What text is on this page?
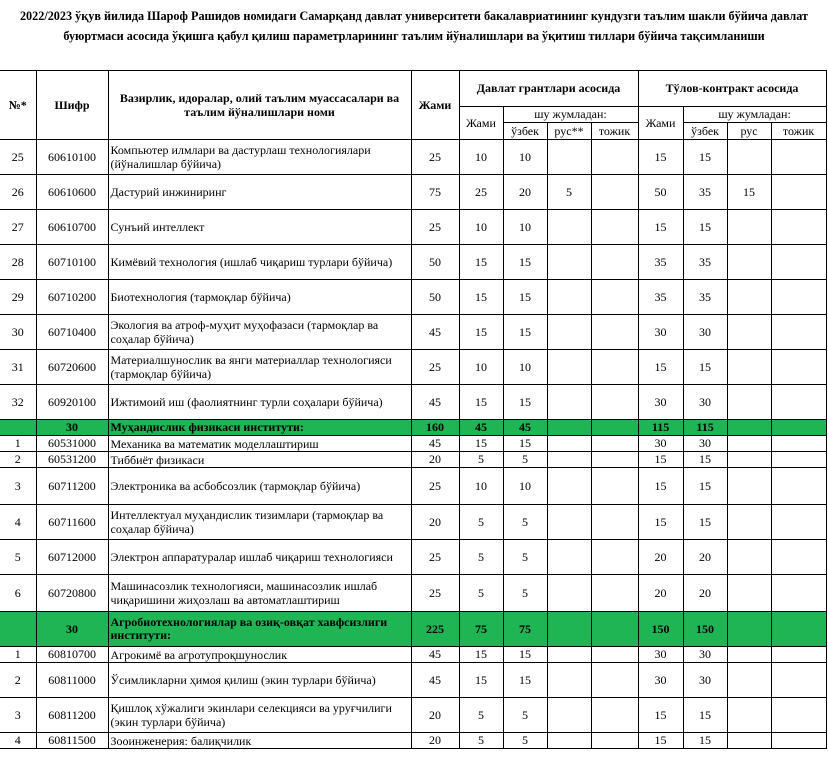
2022/2023 ўқув йилида Шароф Рашидов номидаги Самарқанд давлат университети бакалавриатининг кундузги таълим шакли бўйича давлат
буюртмаси асосида ўқишга қабул қилиш параметрларининг таълим йўналишлари ва ўқитиш тиллари бўйича тақсимланиши
№*	Шифр	Вазирлик, идоралар, олий таълим муассасалари ва таълим йўналишлари номи	Жами	Давлат грантлари асосида				Тўлов-контракт асосида			
				Жами	шу жумладан:			Жами	шу жумладан:		
					ўзбек	рус**	тожик		ўзбек	рус	тожик
25	60610100	Компьютер илмлари ва дастурлаш технологиялари (йўналишлар бўйича)	25	10	10			15	15		
26	60610600	Дастурий инжиниринг	75	25	20	5		50	35	15	
27	60610700	Сунъий интеллект	25	10	10			15	15		
28	60710100	Кимёвий технология (ишлаб чиқариш турлари бўйича)	50	15	15			35	35		
29	60710200	Биотехнология (тармоқлар бўйича)	50	15	15			35	35		
30	60710400	Экология ва атроф-муҳит муҳофазаси (тармоқлар ва соҳалар бўйича)	45	15	15			30	30		
31	60720600	Материалшунослик ва янги материаллар технологияси (тармоқлар бўйича)	25	10	10			15	15		
32	60920100	Ижтимоий иш (фаолиятнинг турли соҳалари бўйича)	45	15	15			30	30		
	30	Муҳандислик физикаси институти:	160	45	45			115	115		
1	60531000	Механика ва математик моделлаштириш	45	15	15			30	30		
2	60531200	Тиббиёт физикаси	20	5	5			15	15		
3	60711200	Электроника ва асбобсозлик (тармоқлар бўйича)	25	10	10			15	15		
4	60711600	Интеллектуал муҳандислик тизимлари (тармоқлар ва соҳалар бўйича)	20	5	5			15	15		
5	60712000	Электрон аппаратуралар ишлаб чиқариш технологияси	25	5	5			20	20		
6	60720800	Машинасозлик технологияси, машинасозлик ишлаб чиқаришини жиҳозлаш ва автоматлаштириш	25	5	5			20	20		
	30	Агробиотехнологиялар ва озиқ-овқат хавфсизлиги институти:	225	75	75			150	150		
1	60810700	Агрокимё ва агротупроқшунослик	45	15	15			30	30		
2	60811000	Ўсимликларни ҳимоя қилиш (экин турлари бўйича)	45	15	15			30	30		
3	60811200	Қишлоқ хўжалиги экинлари селекцияси ва уруғчилиги (экин турлари бўйича)	20	5	5			15	15		
4	60811500	Зооинженерия: балиқчилик	20	5	5			15	15		
